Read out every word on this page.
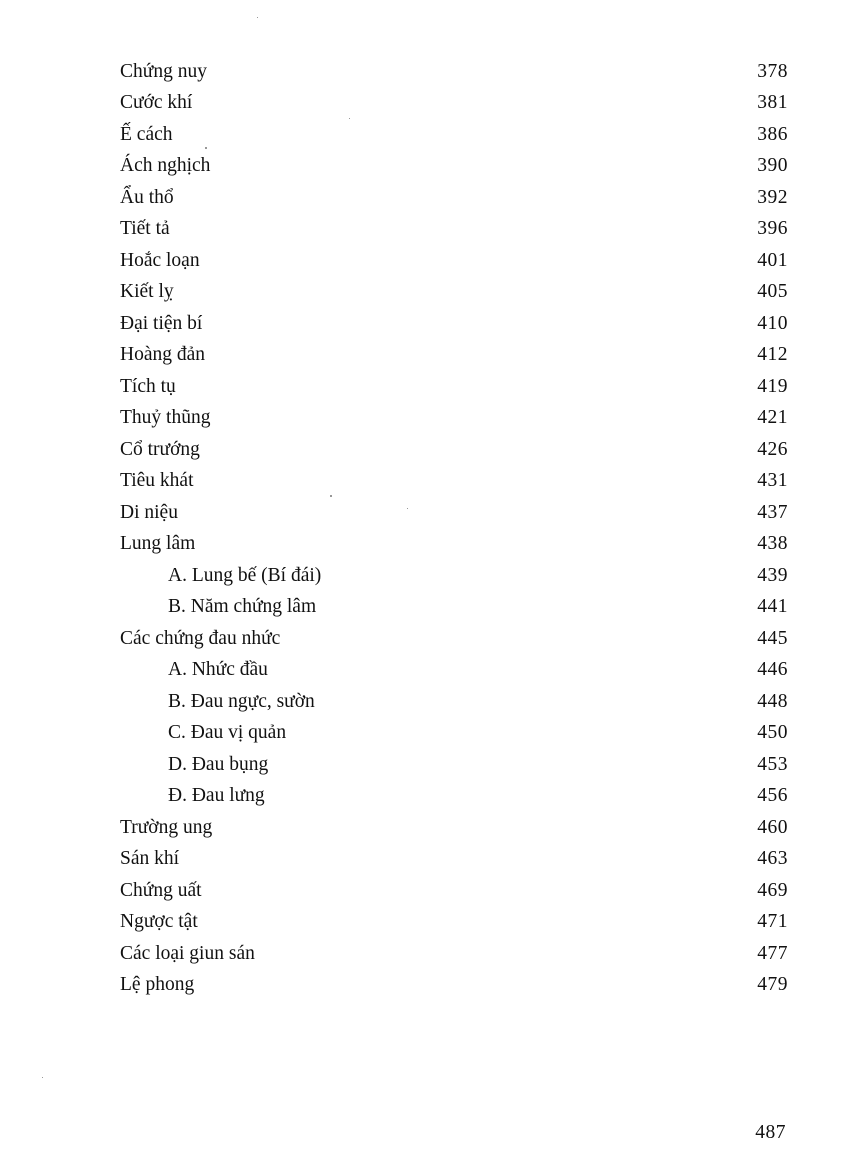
Chứng nuy	378
Cước khí	381
Ế cách	386
Ách nghịch	390
Ẩu thổ	392
Tiết tả	396
Hoắc loạn	401
Kiết lỵ	405
Đại tiện bí	410
Hoàng đản	412
Tích tụ	419
Thuỷ thũng	421
Cổ trướng	426
Tiêu khát	431
Di niệu	437
Lung lâm	438
A. Lung bế (Bí đái)	439
B. Năm chứng lâm	441
Các chứng đau nhức	445
A. Nhức đầu	446
B. Đau ngực, sườn	448
C. Đau vị quản	450
D. Đau bụng	453
Đ. Đau lưng	456
Trường ung	460
Sán khí	463
Chứng uất	469
Ngược tật	471
Các loại giun sán	477
Lệ phong	479
487
